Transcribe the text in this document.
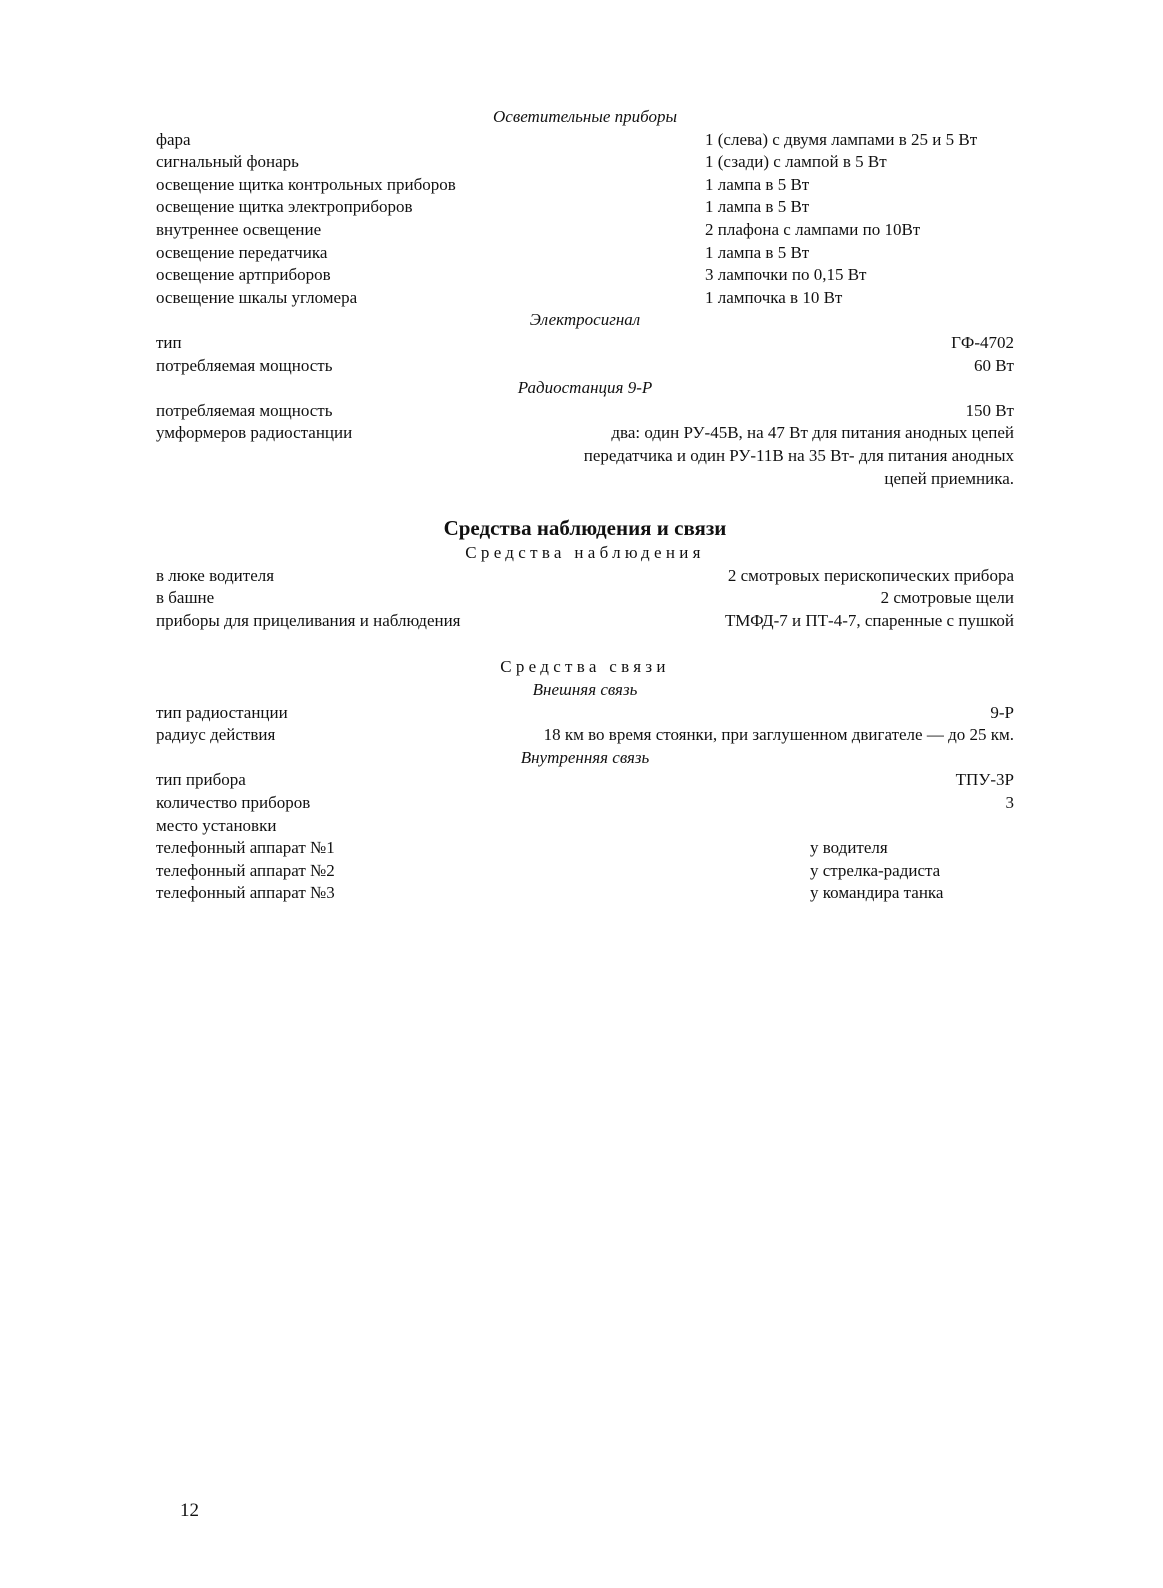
Осветительные приборы
фара	1 (слева) с двумя лампами в 25 и 5 Вт
сигнальный фонарь	1 (сзади) с лампой в 5 Вт
освещение щитка контрольных приборов	1 лампа в 5 Вт
освещение щитка электроприборов	1 лампа в 5 Вт
внутреннее освещение	2 плафона с лампами по 10Вт
освещение передатчика	1 лампа в 5 Вт
освещение артприборов	3 лампочки по 0,15 Вт
освещение шкалы угломера	1 лампочка в 10 Вт
Электросигнал
тип	ГФ-4702
потребляемая мощность	60 Вт
Радиостанция 9-Р
потребляемая мощность	150 Вт
умформеров радиостанции	два: один РУ-45В, на 47 Вт для питания анодных цепей
передатчика и один РУ-11В на 35 Вт- для питания анодных
цепей приемника.
Средства наблюдения и связи
Средства наблюдения
в люке водителя	2 смотровых перископических прибора
в башне	2 смотровые щели
приборы для прицеливания и наблюдения	ТМФД-7 и ПТ-4-7, спаренные с пушкой
Средства связи
Внешняя связь
тип радиостанции	9-Р
радиус действия	18 км во время стоянки, при заглушенном двигателе — до 25 км.
Внутренняя связь
тип прибора	ТПУ-3Р
количество приборов	3
место установки
телефонный аппарат №1	у водителя
телефонный аппарат №2	у стрелка-радиста
телефонный аппарат №3	у командира танка
12
